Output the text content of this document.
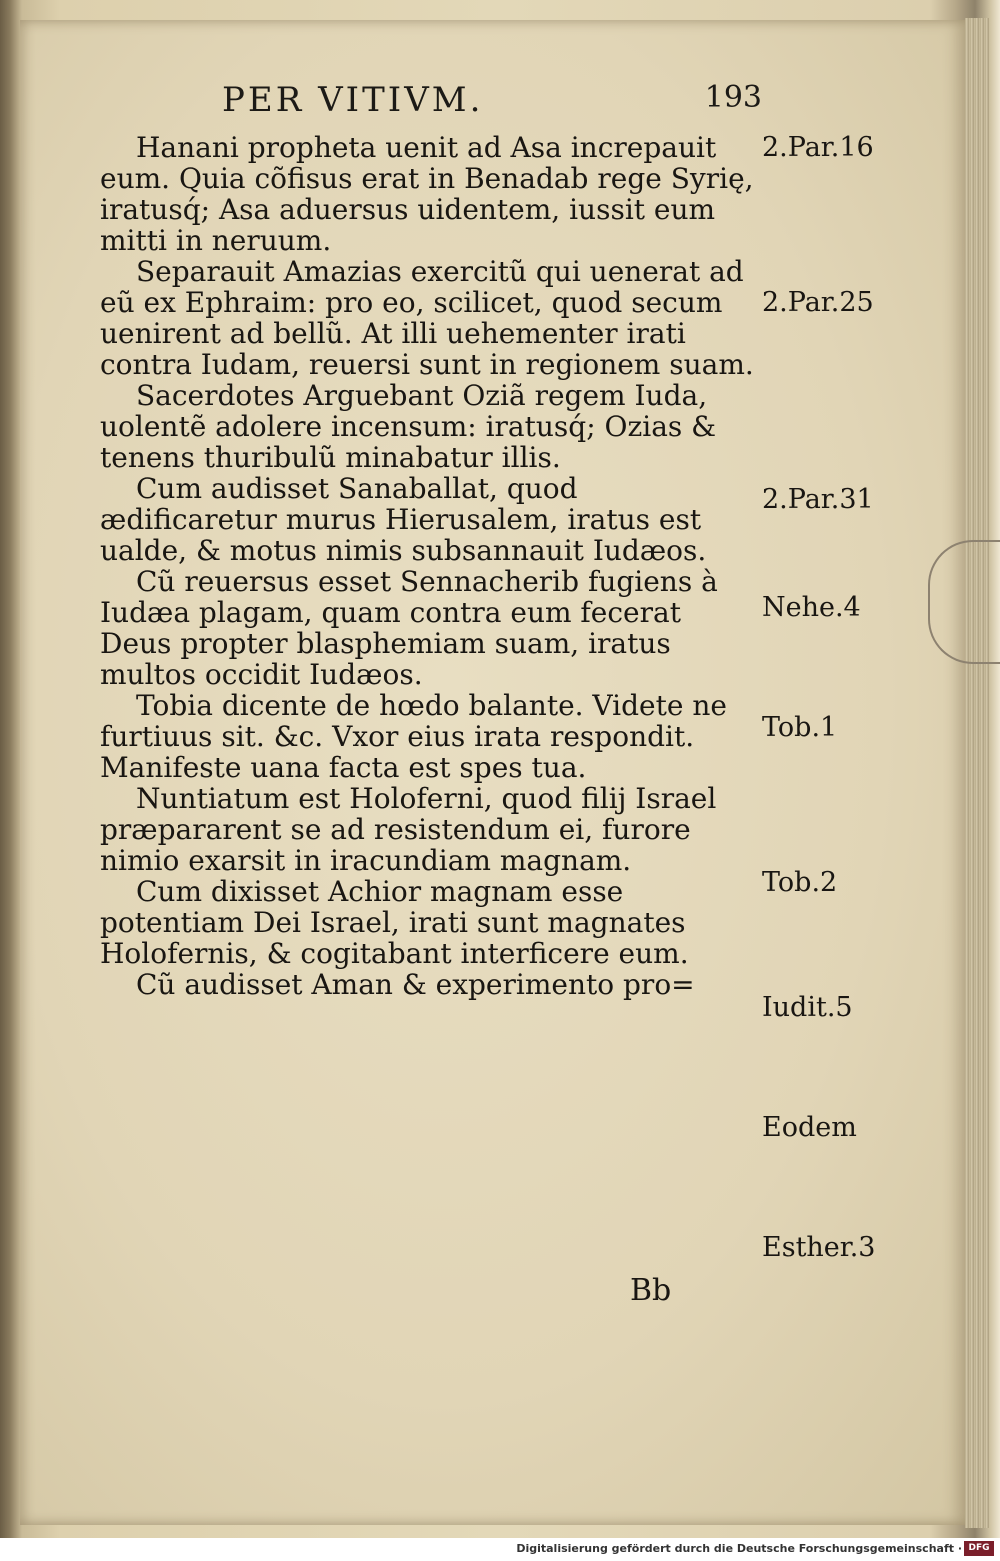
PER VITIVM.	193

Hanani propheta uenit ad Asa increpauit eum. Quia cõfisus erat in Benadab rege Syrię, iratusq́; Asa aduersus uidentem, iussit eum mitti in neruum.

Separauit Amazias exercitũ qui uenerat ad eũ ex Ephraim: pro eo, scilicet, quod secum uenirent ad bellũ. At illi uehementer irati contra Iudam, reuersi sunt in regionem suam.

Sacerdotes Arguebant Oziã regem Iuda, uolentẽ adolere incensum: iratusq́; Ozias & tenens thuribulũ minabatur illis.

Cum audisset Sanaballat, quod ædificaretur murus Hierusalem, iratus est ualde, & motus nimis subsannauit Iudæos.

Cũ reuersus esset Sennacherib fugiens à Iudæa plagam, quam contra eum fecerat Deus propter blasphemiam suam, iratus multos occidit Iudæos.

Tobia dicente de hœdo balante. Videte ne furtiuus sit. &c. Vxor eius irata respondit. Manifeste uana facta est spes tua.

Nuntiatum est Holoferni, quod filij Israel præpararent se ad resistendum ei, furore nimio exarsit in iracundiam magnam.

Cum dixisset Achior magnam esse potentiam Dei Israel, irati sunt magnates Holofernis, & cogitabant interficere eum.

Cũ audisset Aman & experimento pro=

2.Par.16
2.Par.25
2.Par.31
Nehe.4
Tob.1
Tob.2
Iudit.5
Eodem
Esther.3
Bb
Digitalisierung gefördert durch die Deutsche Forschungsgemeinschaft · DFG
